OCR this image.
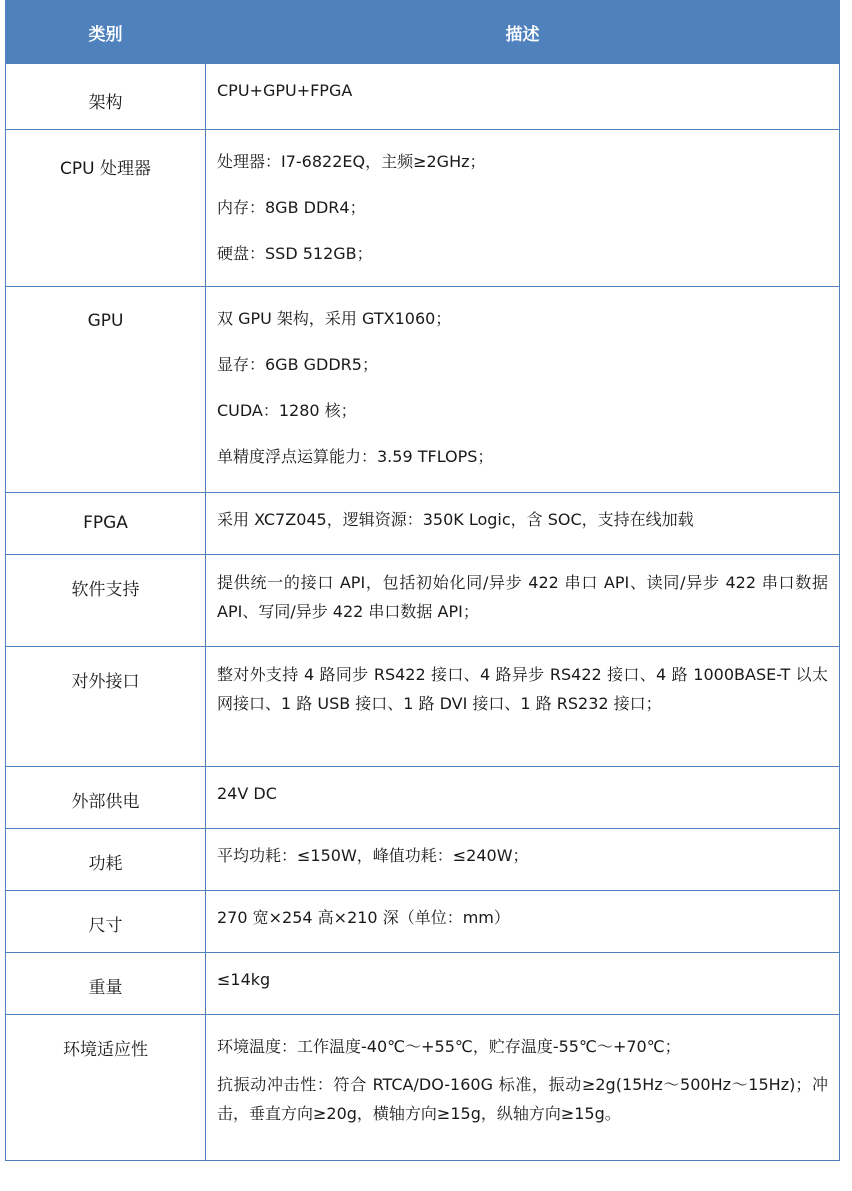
类别	描述
架构	CPU+GPU+FPGA

CPU 处理器	处理器：I7-6822EQ，主频≥2GHz；
内存：8GB DDR4；
硬盘：SSD 512GB；

GPU	双 GPU 架构，采用 GTX1060；
显存：6GB GDDR5；
CUDA：1280 核；
单精度浮点运算能力：3.59 TFLOPS；

FPGA	采用 XC7Z045，逻辑资源：350K Logic，含 SOC，支持在线加载

软件支持	提供统一的接口 API，包括初始化同/异步 422 串口 API、读同/异步 422 串口数据 API、写同/异步 422 串口数据 API；

对外接口	整对外支持 4 路同步 RS422 接口、4 路异步 RS422 接口、4 路 1000BASE-T 以太网接口、1 路 USB 接口、1 路 DVI 接口、1 路 RS232 接口；

外部供电	24V DC

功耗	平均功耗：≤150W，峰值功耗：≤240W；

尺寸	270 宽×254 高×210 深（单位：mm）

重量	≤14kg

环境适应性	环境温度：工作温度-40℃～+55℃，贮存温度-55℃～+70℃；
抗振动冲击性：符合 RTCA/DO-160G 标准，振动≥2g(15Hz～500Hz～15Hz)；冲击，垂直方向≥20g，横轴方向≥15g，纵轴方向≥15g。
